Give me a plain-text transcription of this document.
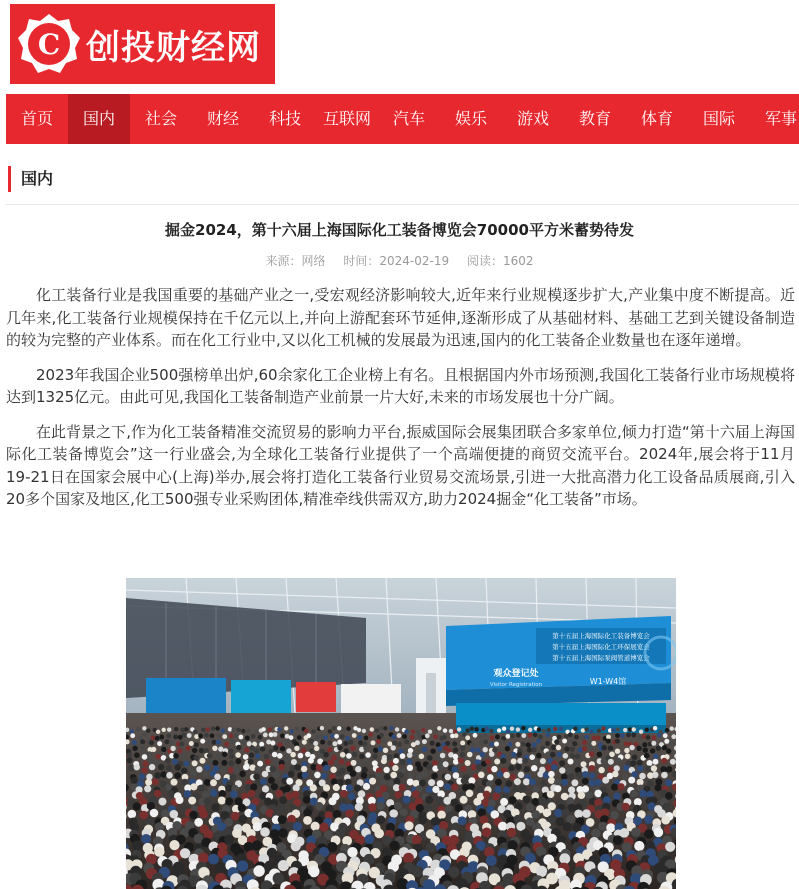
C 创投财经网
首页 国内 社会 财经 科技 互联网 汽车 娱乐 游戏 教育 体育 国际 军事
国内
掘金2024，第十六届上海国际化工装备博览会70000平方米蓄势待发
来源：网络 时间：2024-02-19 阅读：1602

化工装备行业是我国重要的基础产业之一,受宏观经济影响较大,近年来行业规模逐步扩大,产业集中度不断提高。近几年来,化工装备行业规模保持在千亿元以上,并向上游配套环节延伸,逐渐形成了从基础材料、基础工艺到关键设备制造的较为完整的产业体系。而在化工行业中,又以化工机械的发展最为迅速,国内的化工装备企业数量也在逐年递增。

2023年我国企业500强榜单出炉,60余家化工企业榜上有名。且根据国内外市场预测,我国化工装备行业市场规模将达到1325亿元。由此可见,我国化工装备制造产业前景一片大好,未来的市场发展也十分广阔。

在此背景之下,作为化工装备精准交流贸易的影响力平台,振威国际会展集团联合多家单位,倾力打造“第十六届上海国际化工装备博览会”这一行业盛会,为全球化工装备行业提供了一个高端便捷的商贸交流平台。2024年,展会将于11月19-21日在国家会展中心(上海)举办,展会将打造化工装备行业贸易交流场景,引进一大批高潜力化工设备品质展商,引入20多个国家及地区,化工500强专业采购团体,精准牵线供需双方,助力2024掘金“化工装备”市场。

第十五届上海国际化工装备博览会
第十五届上海国际化工环保展览会
第十五届上海国际泵阀管道博览会
观众登记处
Visitor Registration	W1-W4馆
